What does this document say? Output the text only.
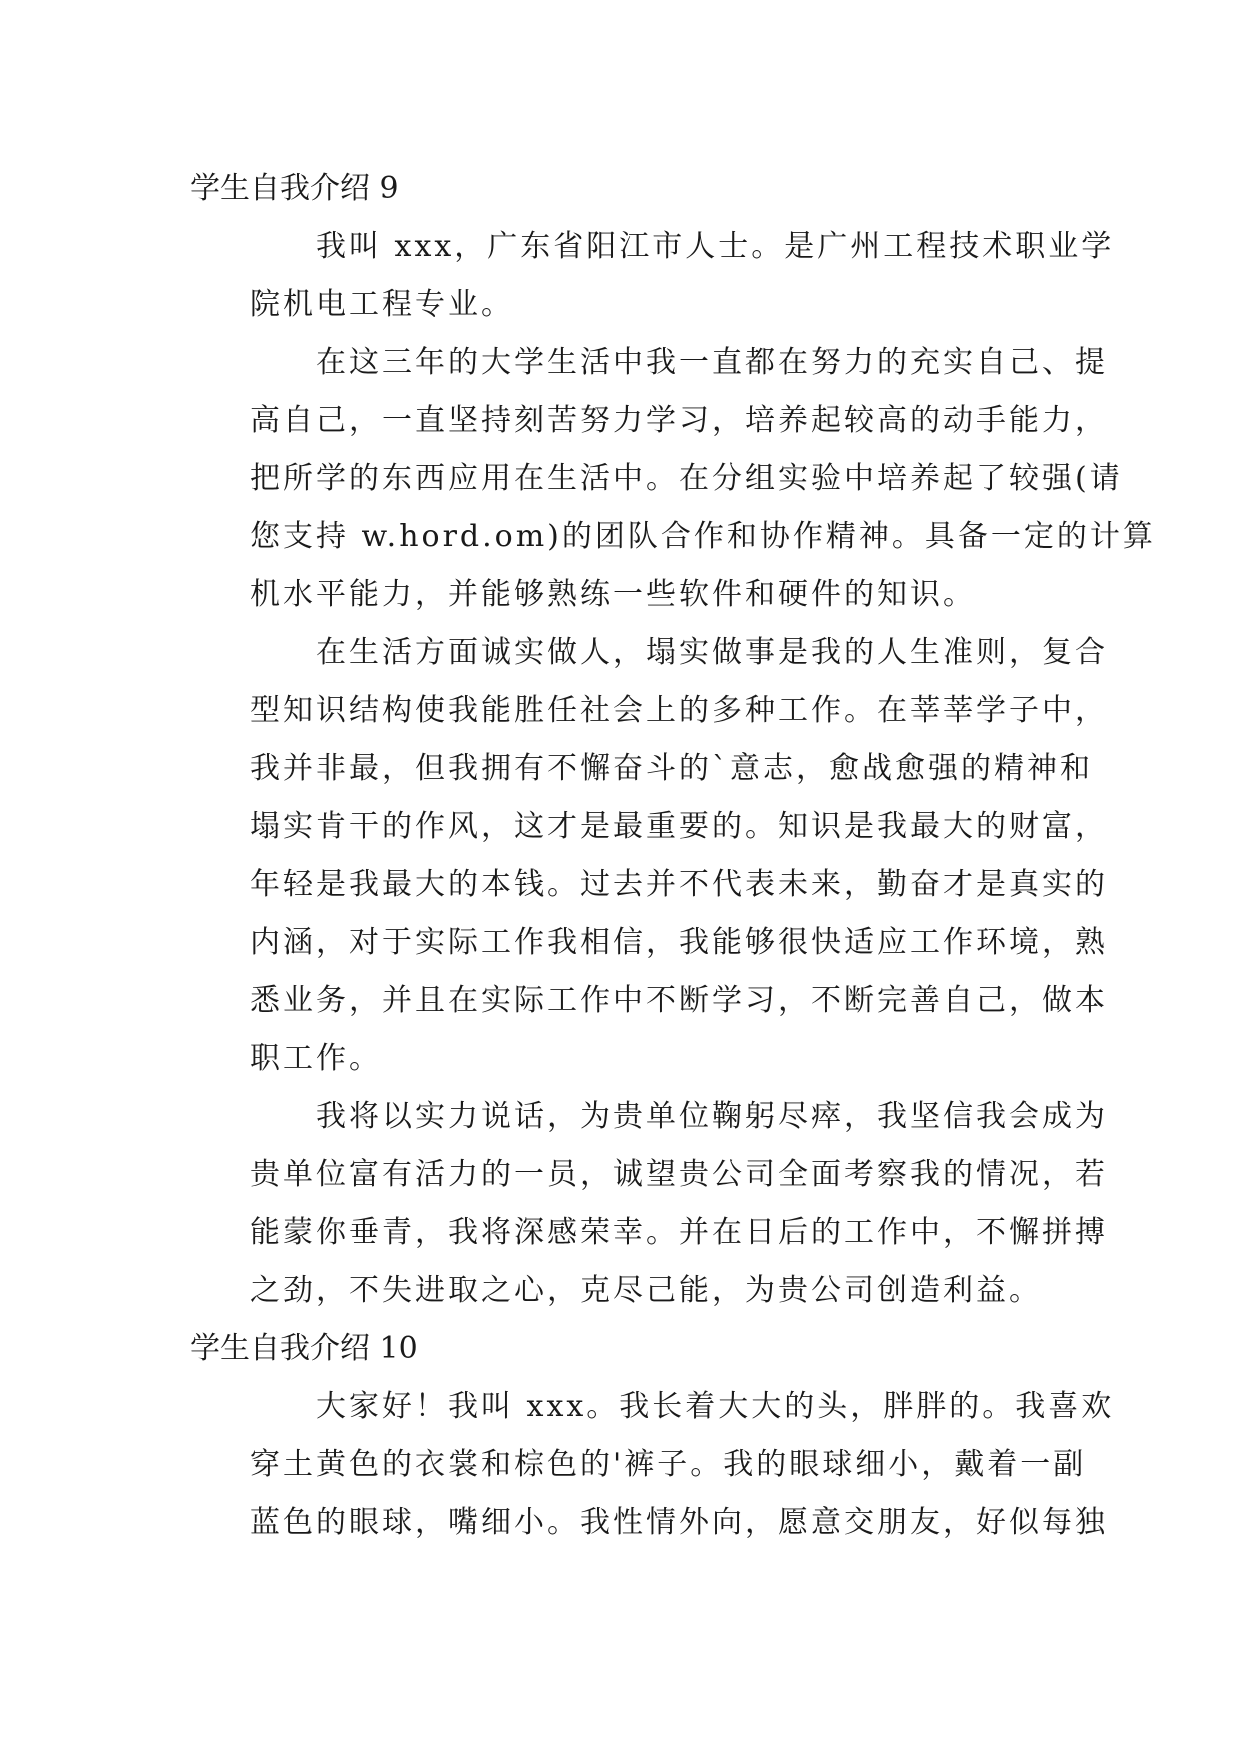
学生自我介绍 9
我叫 xxx，广东省阳江市人士。是广州工程技术职业学
院机电工程专业。
在这三年的大学生活中我一直都在努力的充实自己、提
高自己，一直坚持刻苦努力学习，培养起较高的动手能力，
把所学的东西应用在生活中。在分组实验中培养起了较强(请
您支持 w.hord.om)的团队合作和协作精神。具备一定的计算
机水平能力，并能够熟练一些软件和硬件的知识。
在生活方面诚实做人，塌实做事是我的人生准则，复合
型知识结构使我能胜任社会上的多种工作。在莘莘学子中，
我并非最，但我拥有不懈奋斗的`意志，愈战愈强的精神和
塌实肯干的作风，这才是最重要的。知识是我最大的财富，
年轻是我最大的本钱。过去并不代表未来，勤奋才是真实的
内涵，对于实际工作我相信，我能够很快适应工作环境，熟
悉业务，并且在实际工作中不断学习，不断完善自己，做本
职工作。
我将以实力说话，为贵单位鞠躬尽瘁，我坚信我会成为
贵单位富有活力的一员，诚望贵公司全面考察我的情况，若
能蒙你垂青，我将深感荣幸。并在日后的工作中，不懈拼搏
之劲，不失进取之心，克尽己能，为贵公司创造利益。
学生自我介绍 10
大家好！我叫 xxx。我长着大大的头，胖胖的。我喜欢
穿土黄色的衣裳和棕色的'裤子。我的眼球细小，戴着一副
蓝色的眼球，嘴细小。我性情外向，愿意交朋友，好似每独
